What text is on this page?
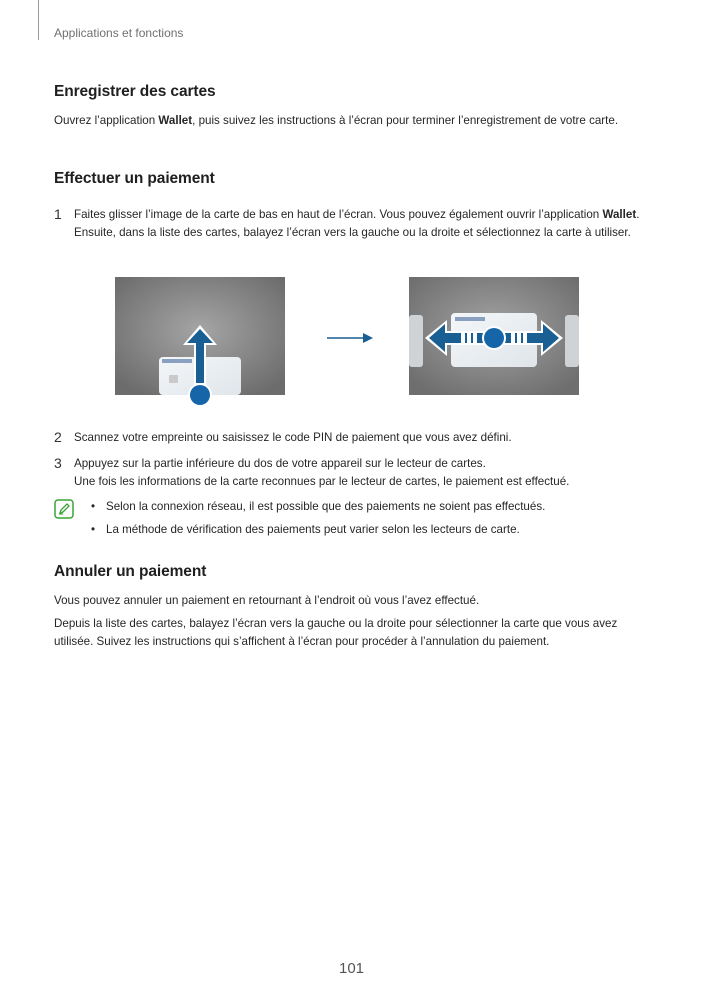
Applications et fonctions
Enregistrer des cartes
Ouvrez l’application Wallet, puis suivez les instructions à l’écran pour terminer l’enregistrement de votre carte.
Effectuer un paiement
1 Faites glisser l’image de la carte de bas en haut de l’écran. Vous pouvez également ouvrir l’application Wallet. Ensuite, dans la liste des cartes, balayez l’écran vers la gauche ou la droite et sélectionnez la carte à utiliser.
2 Scannez votre empreinte ou saisissez le code PIN de paiement que vous avez défini.
3 Appuyez sur la partie inférieure du dos de votre appareil sur le lecteur de cartes.
Une fois les informations de la carte reconnues par le lecteur de cartes, le paiement est effectué.
• Selon la connexion réseau, il est possible que des paiements ne soient pas effectués.
• La méthode de vérification des paiements peut varier selon les lecteurs de carte.
Annuler un paiement
Vous pouvez annuler un paiement en retournant à l’endroit où vous l’avez effectué.
Depuis la liste des cartes, balayez l’écran vers la gauche ou la droite pour sélectionner la carte que vous avez utilisée. Suivez les instructions qui s’affichent à l’écran pour procéder à l’annulation du paiement.
101
